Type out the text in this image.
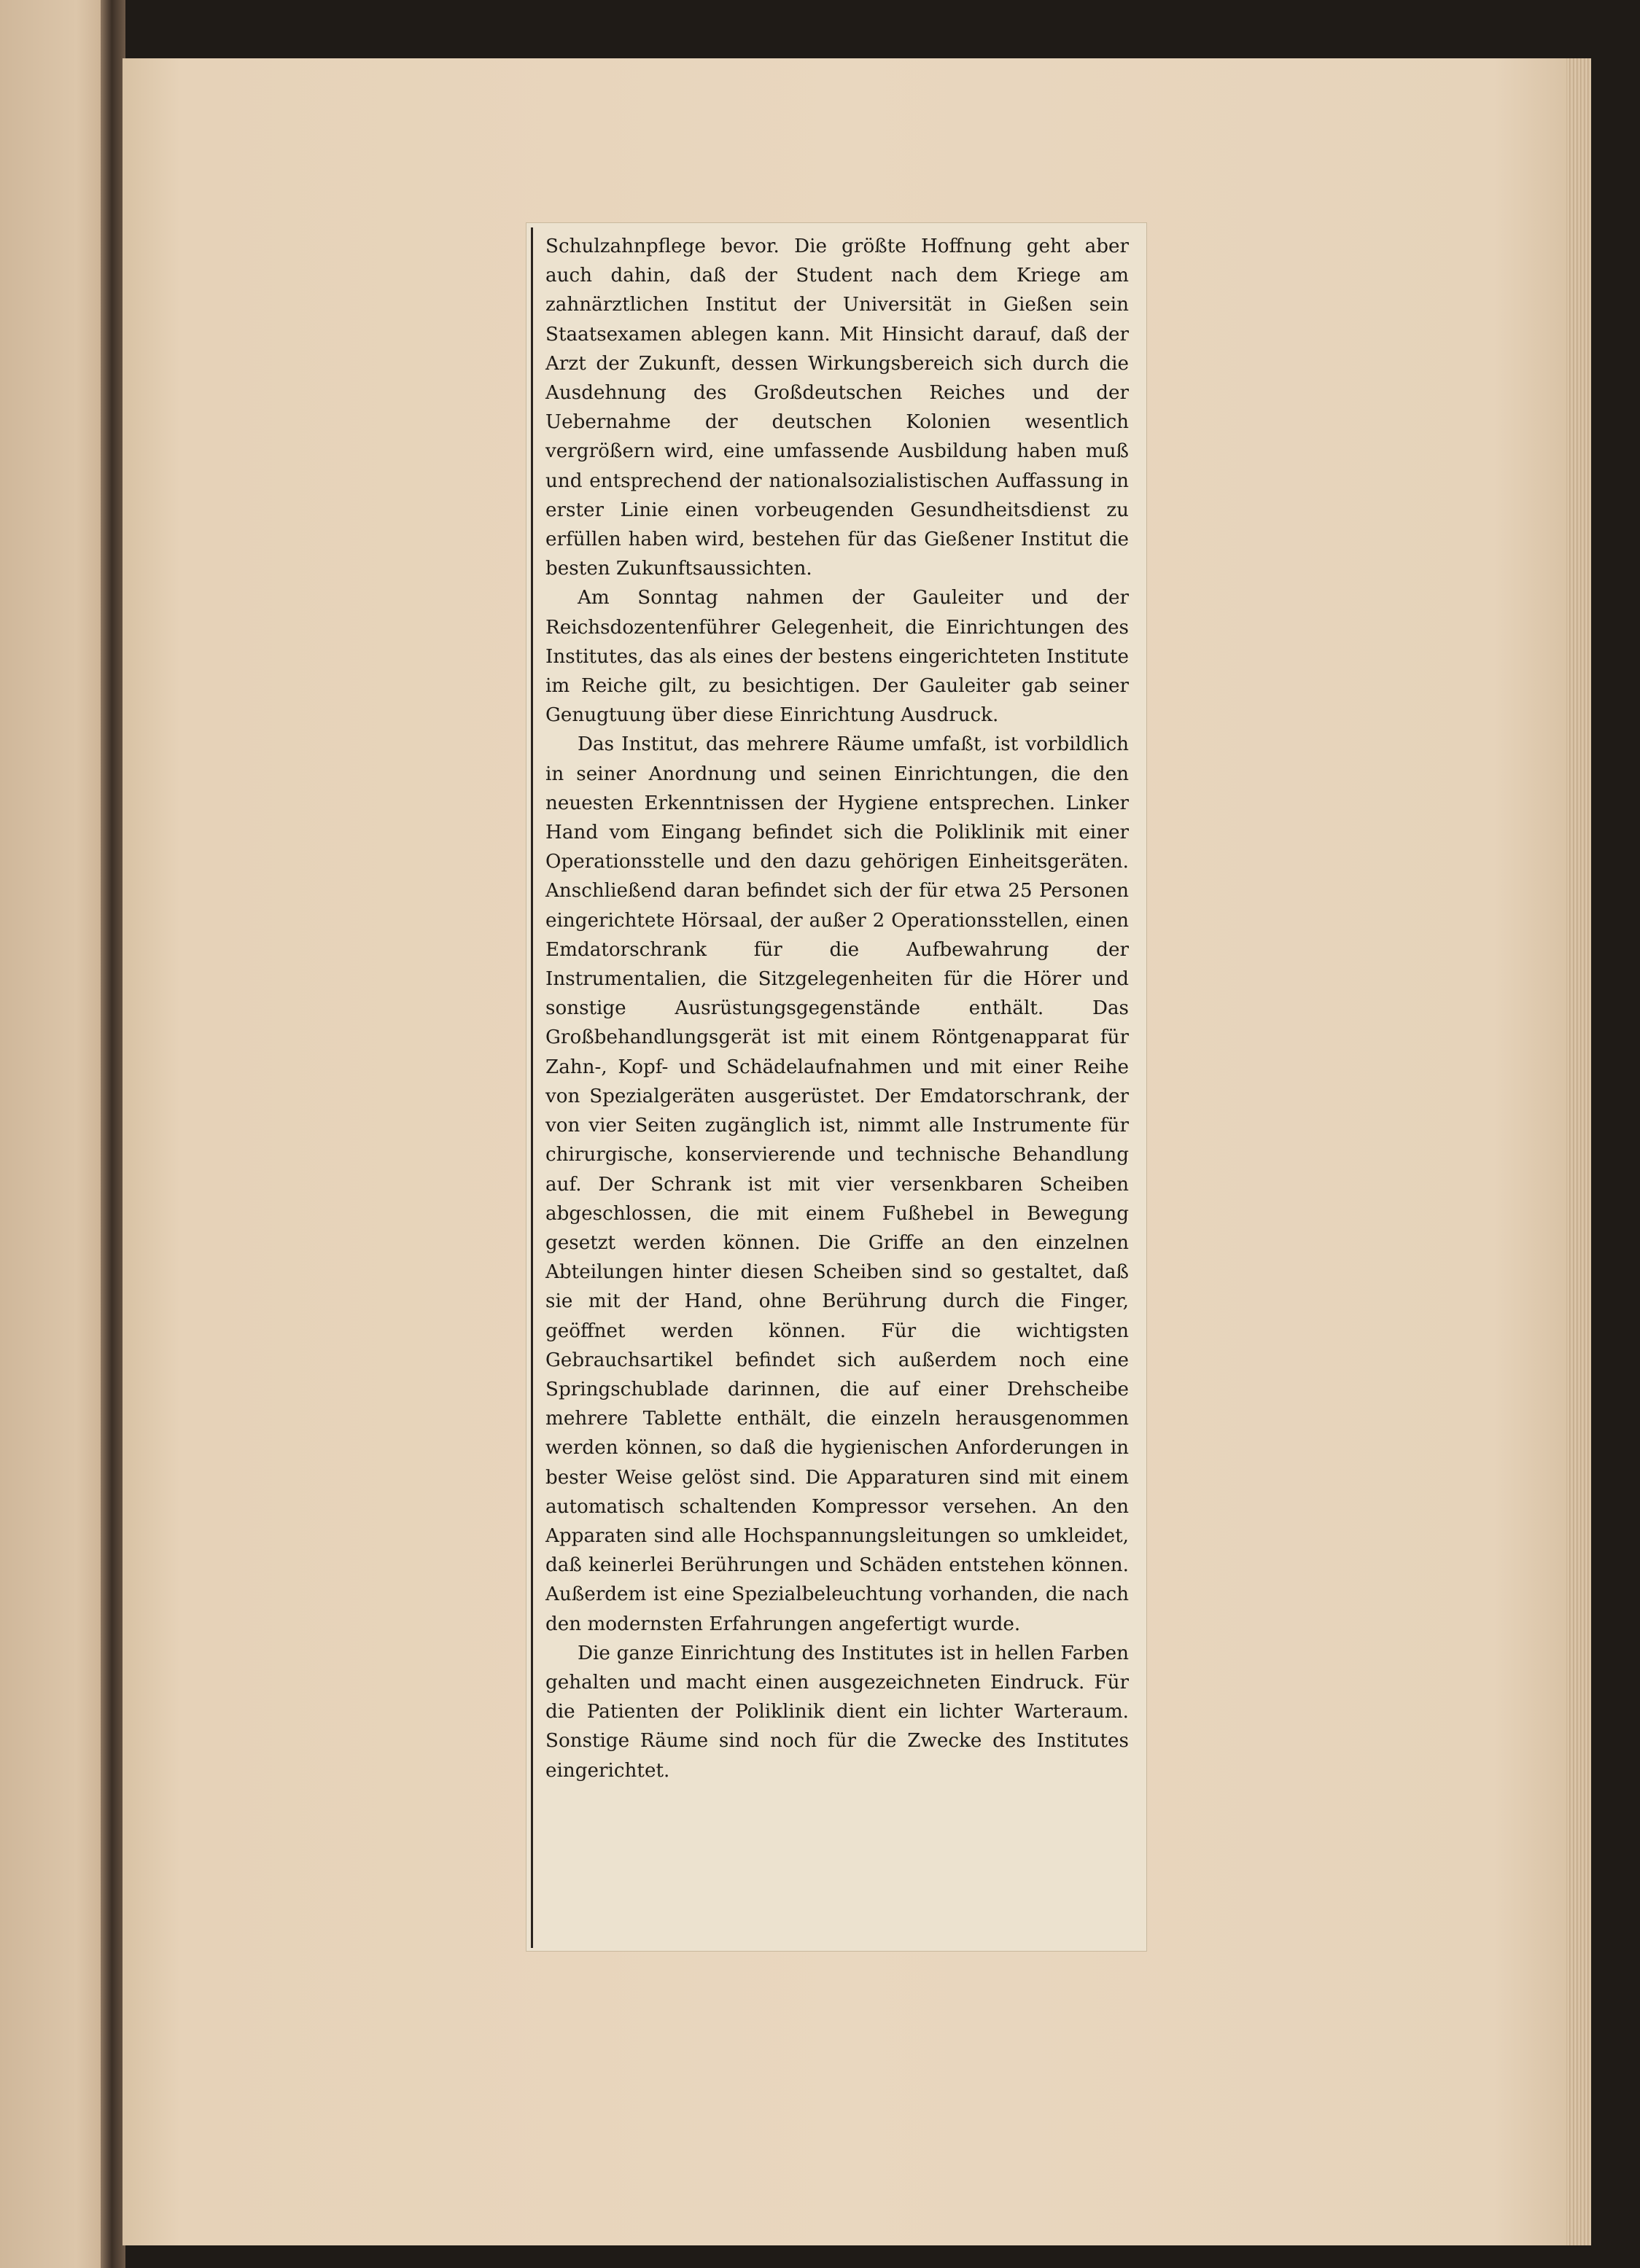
Schulzahnpflege bevor. Die größte Hoffnung geht aber auch dahin, daß der Student nach dem Kriege am zahnärztlichen Institut der Universität in Gießen sein Staatsexamen ablegen kann. Mit Hinsicht darauf, daß der Arzt der Zukunft, dessen Wirkungsbereich sich durch die Ausdehnung des Großdeutschen Reiches und der Uebernahme der deutschen Kolonien wesentlich vergrößern wird, eine umfassende Ausbildung haben muß und entsprechend der nationalsozialistischen Auffassung in erster Linie einen vorbeugenden Gesundheitsdienst zu erfüllen haben wird, bestehen für das Gießener Institut die besten Zukunftsaussichten.

Am Sonntag nahmen der Gauleiter und der Reichsdozentenführer Gelegenheit, die Einrichtungen des Institutes, das als eines der bestens eingerichteten Institute im Reiche gilt, zu besichtigen. Der Gauleiter gab seiner Genugtuung über diese Einrichtung Ausdruck.

Das Institut, das mehrere Räume umfaßt, ist vorbildlich in seiner Anordnung und seinen Einrichtungen, die den neuesten Erkenntnissen der Hygiene entsprechen. Linker Hand vom Eingang befindet sich die Poliklinik mit einer Operationsstelle und den dazu gehörigen Einheitsgeräten. Anschließend daran befindet sich der für etwa 25 Personen eingerichtete Hörsaal, der außer 2 Operationsstellen, einen Emdatorschrank für die Aufbewahrung der Instrumentalien, die Sitzgelegenheiten für die Hörer und sonstige Ausrüstungsgegenstände enthält. Das Großbehandlungsgerät ist mit einem Röntgenapparat für Zahn-, Kopf- und Schädelaufnahmen und mit einer Reihe von Spezialgeräten ausgerüstet. Der Emdatorschrank, der von vier Seiten zugänglich ist, nimmt alle Instrumente für chirurgische, konservierende und technische Behandlung auf. Der Schrank ist mit vier versenkbaren Scheiben abgeschlossen, die mit einem Fußhebel in Bewegung gesetzt werden können. Die Griffe an den einzelnen Abteilungen hinter diesen Scheiben sind so gestaltet, daß sie mit der Hand, ohne Berührung durch die Finger, geöffnet werden können. Für die wichtigsten Gebrauchsartikel befindet sich außerdem noch eine Springschublade darinnen, die auf einer Drehscheibe mehrere Tablette enthält, die einzeln herausgenommen werden können, so daß die hygienischen Anforderungen in bester Weise gelöst sind. Die Apparaturen sind mit einem automatisch schaltenden Kompressor versehen. An den Apparaten sind alle Hochspannungsleitungen so umkleidet, daß keinerlei Berührungen und Schäden entstehen können. Außerdem ist eine Spezialbeleuchtung vorhanden, die nach den modernsten Erfahrungen angefertigt wurde.

Die ganze Einrichtung des Institutes ist in hellen Farben gehalten und macht einen ausgezeichneten Eindruck. Für die Patienten der Poliklinik dient ein lichter Warteraum. Sonstige Räume sind noch für die Zwecke des Institutes eingerichtet.
